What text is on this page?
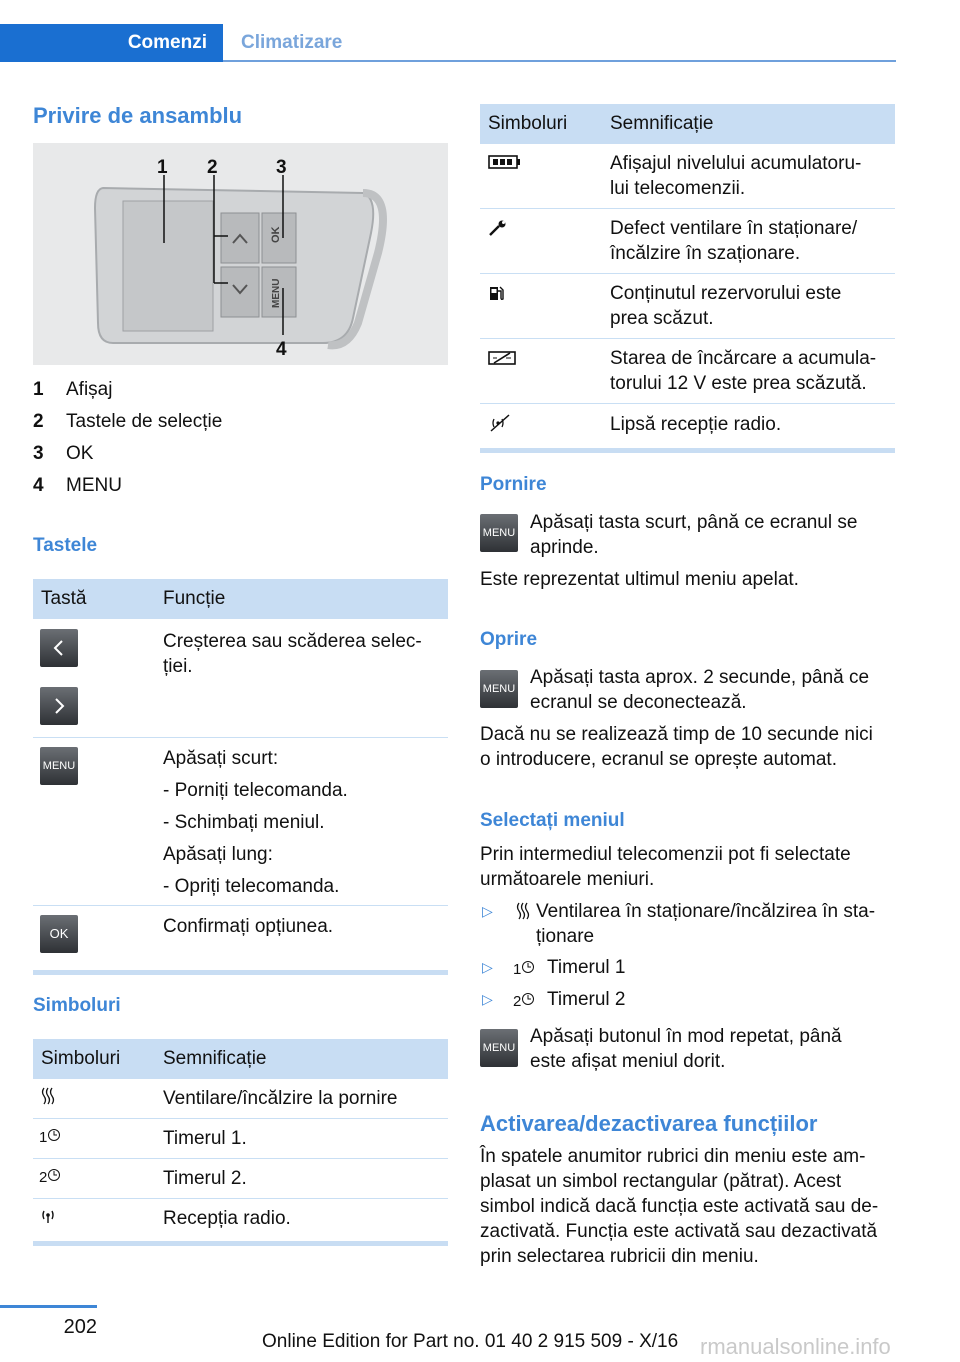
Comenzi	Climatizare
Privire de ansamblu
OK
MENU
1 2	3
4
1 Afișaj
2 Tastele de selecție
3 OK
4 MENU
Tastele
Tastă	Funcție
Creșterea sau scăderea selec-
ției.
MENU	Apăsați scurt:
- Porniți telecomanda.
- Schimbați meniul.
Apăsați lung:
- Opriți telecomanda.
OK	Confirmați opțiunea.
Simboluri
Simboluri Semnificație
Ventilare/încălzire la pornire
1	Timerul 1.
2	Timerul 2.
Recepția radio.
Simboluri Semnificație
Afișajul nivelului acumulatoru-
lui telecomenzii.
Defect ventilare în staționare/
încălzire în szaționare.
Conținutul rezervorului este
prea scăzut.
Starea de încărcare a acumula-
torului 12 V este prea scăzută.
Lipsă recepție radio.
Pornire
MENU Apăsați tasta scurt, până ce ecranul se
aprinde.
Este reprezentat ultimul meniu apelat.
Oprire
MENU
Apăsați tasta aprox. 2 secunde, până ce
ecranul se deconectează.
Dacă nu se realizează timp de 10 secunde nici
o introducere, ecranul se oprește automat.
Selectați meniul
Prin intermediul telecomenzii pot fi selectate
următoarele meniuri.
▷ Ventilarea în staționare/încălzirea în sta-
ționare
▷ 1	Timerul 1
▷ 2	Timerul 2
MENU
Apăsați butonul în mod repetat, până
este afișat meniul dorit.
Activarea/dezactivarea funcțiilor
În spatele anumitor rubrici din meniu este am-
plasat un simbol rectangular (pătrat). Acest
simbol indică dacă funcția este activată sau de-
zactivată. Funcția este activată sau dezactivată
prin selectarea rubricii din meniu.
202
Online Edition for Part no. 01 40 2 915 509 - X/16 rmanualsonline.info
